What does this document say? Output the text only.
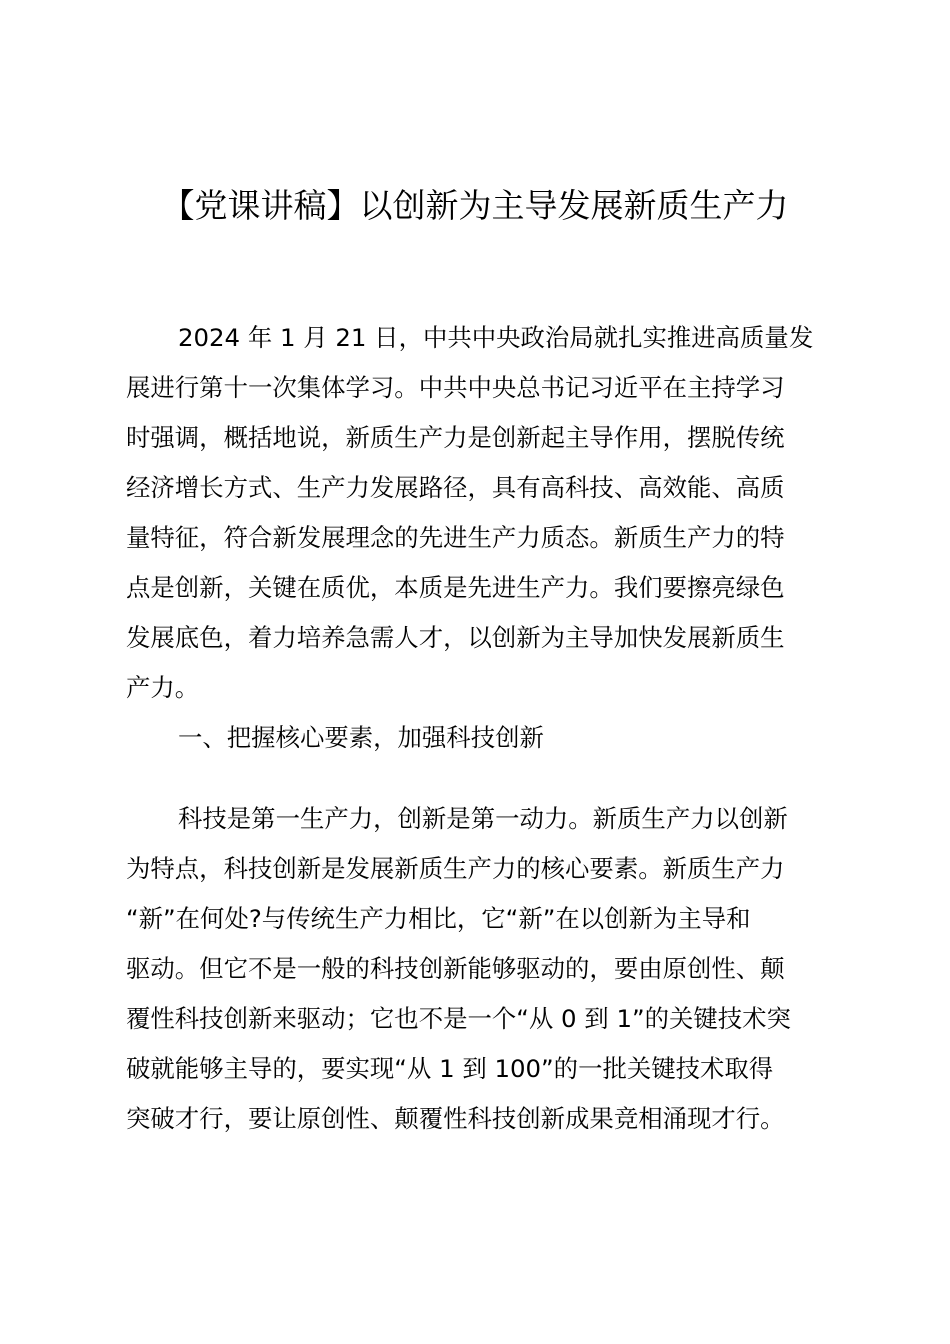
【党课讲稿】以创新为主导发展新质生产力
2024 年 1 月 21 日，中共中央政治局就扎实推进高质量发
展进行第十一次集体学习。中共中央总书记习近平在主持学习
时强调，概括地说，新质生产力是创新起主导作用，摆脱传统
经济增长方式、生产力发展路径，具有高科技、高效能、高质
量特征，符合新发展理念的先进生产力质态。新质生产力的特
点是创新，关键在质优，本质是先进生产力。我们要擦亮绿色
发展底色，着力培养急需人才，以创新为主导加快发展新质生
产力。
一、把握核心要素，加强科技创新
科技是第一生产力，创新是第一动力。新质生产力以创新
为特点，科技创新是发展新质生产力的核心要素。新质生产力
“新”在何处?与传统生产力相比，它“新”在以创新为主导和
驱动。但它不是一般的科技创新能够驱动的，要由原创性、颠
覆性科技创新来驱动；它也不是一个“从 0 到 1”的关键技术突
破就能够主导的，要实现“从 1 到 100”的一批关键技术取得
突破才行，要让原创性、颠覆性科技创新成果竞相涌现才行。
